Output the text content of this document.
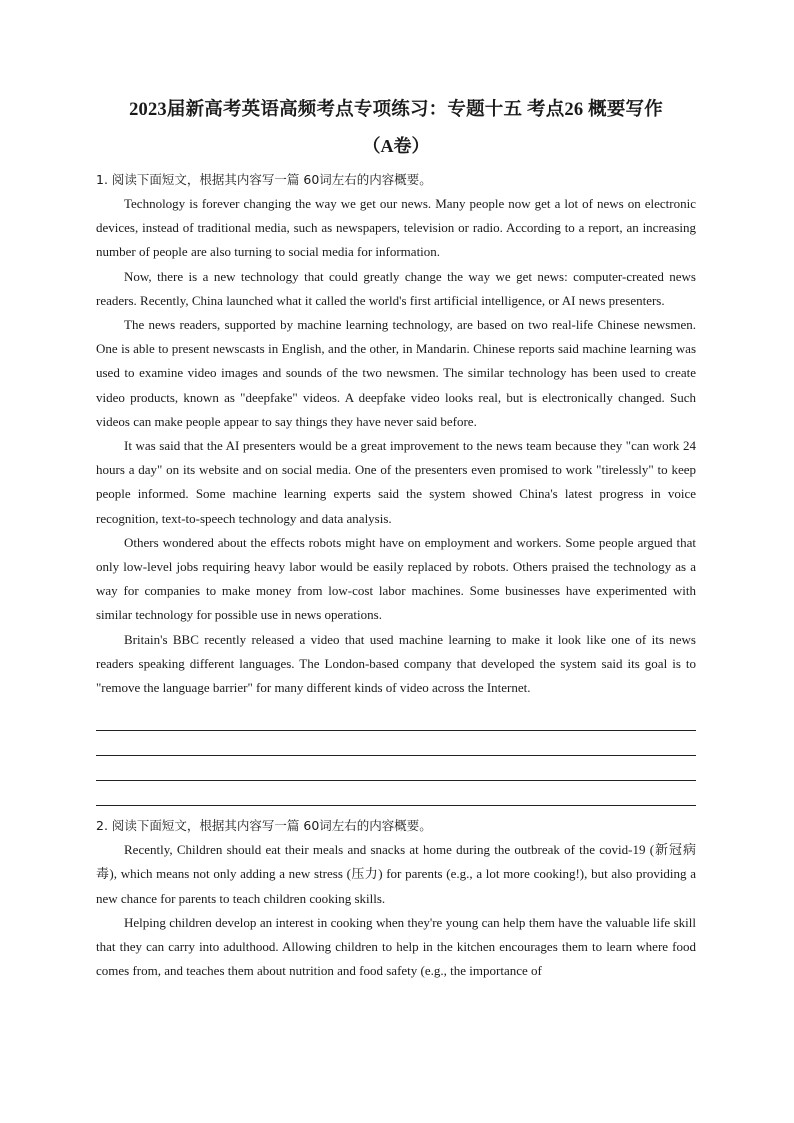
2023届新高考英语高频考点专项练习：专题十五 考点26 概要写作
（A卷）

1. 阅读下面短文，根据其内容写一篇 60词左右的内容概要。

Technology is forever changing the way we get our news. Many people now get a lot of news on electronic devices, instead of traditional media, such as newspapers, television or radio. According to a report, an increasing number of people are also turning to social media for information.

Now, there is a new technology that could greatly change the way we get news: computer-created news readers. Recently, China launched what it called the world's first artificial intelligence, or AI news presenters.

The news readers, supported by machine learning technology, are based on two real-life Chinese newsmen. One is able to present newscasts in English, and the other, in Mandarin. Chinese reports said machine learning was used to examine video images and sounds of the two newsmen. The similar technology has been used to create video products, known as "deepfake" videos. A deepfake video looks real, but is electronically changed. Such videos can make people appear to say things they have never said before.

It was said that the AI presenters would be a great improvement to the news team because they "can work 24 hours a day" on its website and on social media. One of the presenters even promised to work "tirelessly" to keep people informed. Some machine learning experts said the system showed China's latest progress in voice recognition, text-to-speech technology and data analysis.

Others wondered about the effects robots might have on employment and workers. Some people argued that only low-level jobs requiring heavy labor would be easily replaced by robots. Others praised the technology as a way for companies to make money from low-cost labor machines. Some businesses have experimented with similar technology for possible use in news operations.

Britain's BBC recently released a video that used machine learning to make it look like one of its news readers speaking different languages. The London-based company that developed the system said its goal is to "remove the language barrier" for many different kinds of video across the Internet.

2. 阅读下面短文，根据其内容写一篇 60词左右的内容概要。

Recently, Children should eat their meals and snacks at home during the outbreak of the covid-19 (新冠病毒), which means not only adding a new stress (压力) for parents (e.g., a lot more cooking!), but also providing a new chance for parents to teach children cooking skills.

Helping children develop an interest in cooking when they're young can help them have the valuable life skill that they can carry into adulthood. Allowing children to help in the kitchen encourages them to learn where food comes from, and teaches them about nutrition and food safety (e.g., the importance of
